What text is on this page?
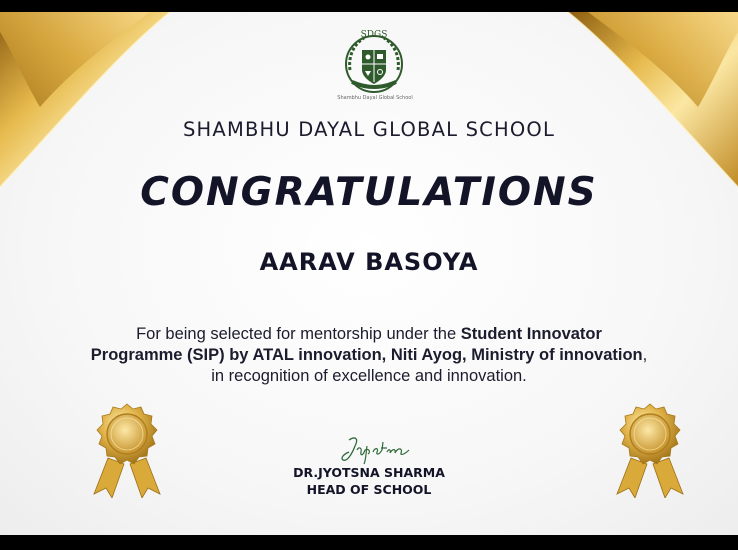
SDGS
Shambhu Dayal Global School
SHAMBHU DAYAL GLOBAL SCHOOL
CONGRATULATIONS
AARAV BASOYA
For being selected for mentorship under the Student Innovator Programme (SIP) by ATAL innovation, Niti Ayog, Ministry of innovation, in recognition of excellence and innovation.
DR.JYOTSNA SHARMA
HEAD OF SCHOOL
